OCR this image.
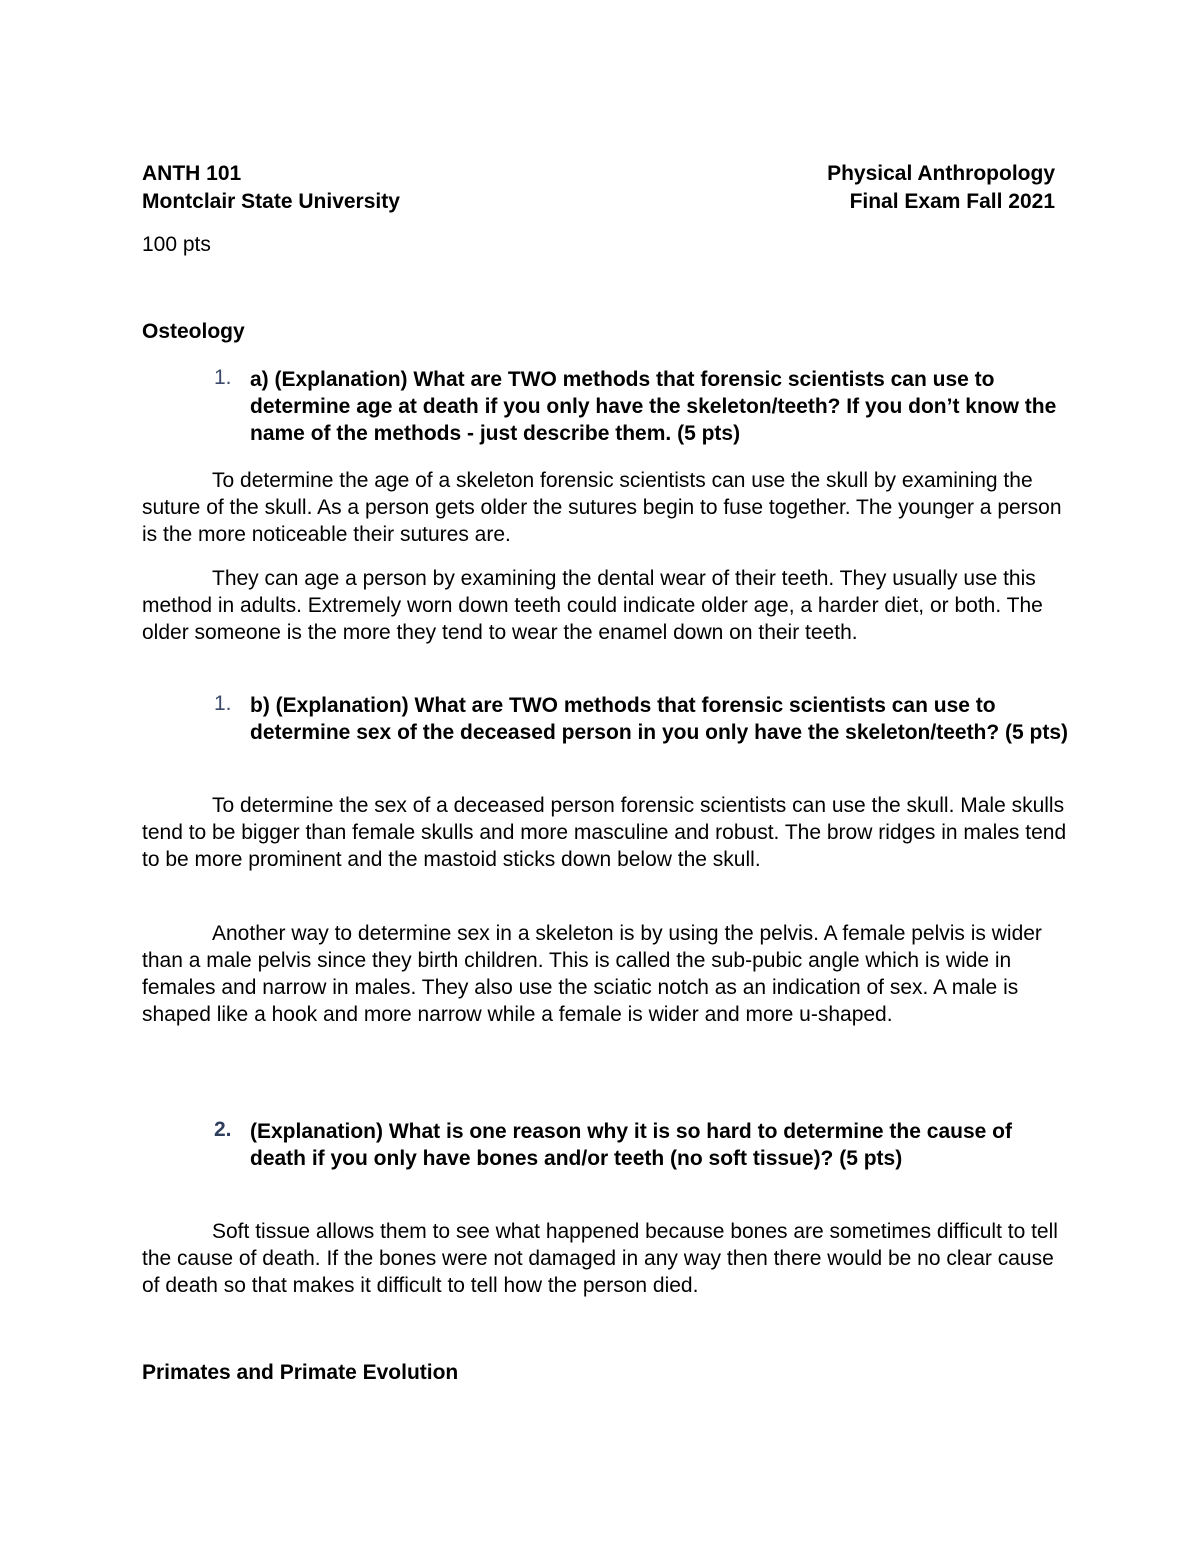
ANTH 101
Montclair State University
Physical Anthropology
Final Exam Fall 2021
100 pts
Osteology
1. a) (Explanation) What are TWO methods that forensic scientists can use to determine age at death if you only have the skeleton/teeth? If you don’t know the name of the methods - just describe them. (5 pts)
To determine the age of a skeleton forensic scientists can use the skull by examining the suture of the skull. As a person gets older the sutures begin to fuse together. The younger a person is the more noticeable their sutures are.
They can age a person by examining the dental wear of their teeth. They usually use this method in adults. Extremely worn down teeth could indicate older age, a harder diet, or both. The older someone is the more they tend to wear the enamel down on their teeth.
1. b) (Explanation) What are TWO methods that forensic scientists can use to determine sex of the deceased person in you only have the skeleton/teeth? (5 pts)
To determine the sex of a deceased person forensic scientists can use the skull. Male skulls tend to be bigger than female skulls and more masculine and robust. The brow ridges in males tend to be more prominent and the mastoid sticks down below the skull.
Another way to determine sex in a skeleton is by using the pelvis. A female pelvis is wider than a male pelvis since they birth children. This is called the sub-pubic angle which is wide in females and narrow in males. They also use the sciatic notch as an indication of sex. A male is shaped like a hook and more narrow while a female is wider and more u-shaped.
2. (Explanation) What is one reason why it is so hard to determine the cause of death if you only have bones and/or teeth (no soft tissue)? (5 pts)
Soft tissue allows them to see what happened because bones are sometimes difficult to tell the cause of death. If the bones were not damaged in any way then there would be no clear cause of death so that makes it difficult to tell how the person died.
Primates and Primate Evolution
